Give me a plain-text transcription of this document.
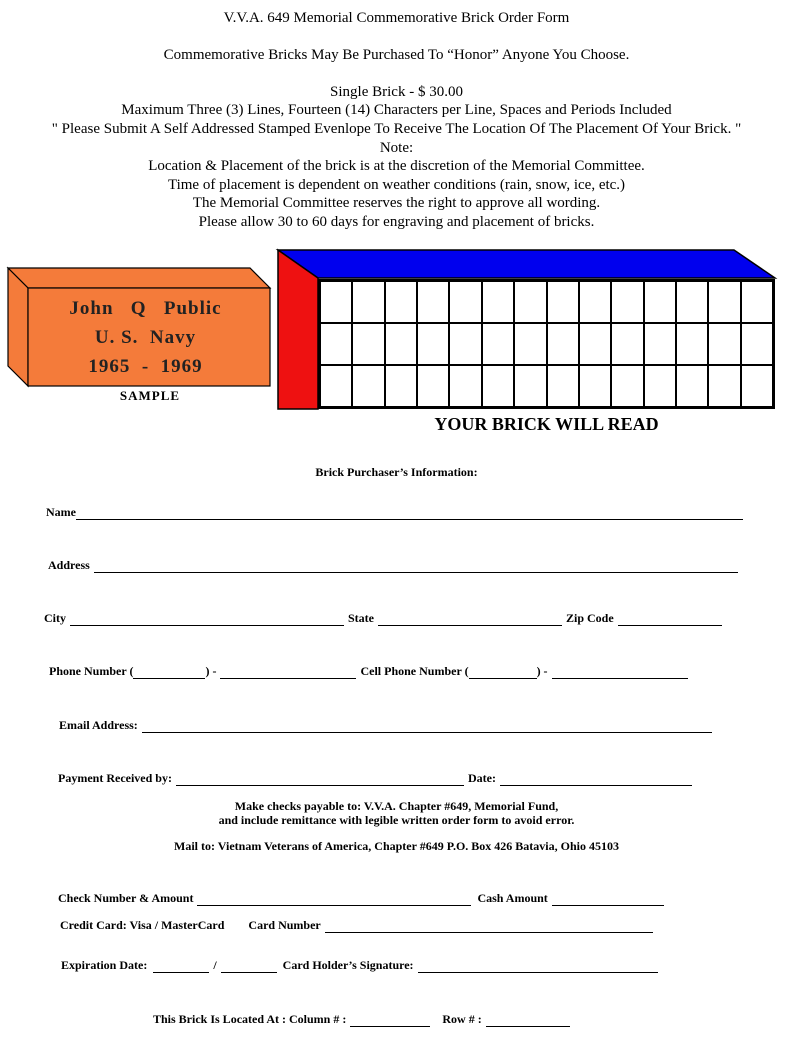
V.V.A. 649 Memorial Commemorative Brick Order Form
Commemorative Bricks May Be Purchased To “Honor” Anyone You Choose.
Single Brick - $ 30.00
Maximum Three (3) Lines, Fourteen (14) Characters per Line, Spaces and Periods Included
" Please Submit A Self Addressed Stamped Evenlope To Receive The Location Of The Placement Of Your Brick. "
Note:
Location & Placement of the brick is at the discretion of the Memorial Committee.
Time of placement is dependent on weather conditions (rain, snow, ice, etc.)
The Memorial Committee reserves the right to approve all wording.
Please allow 30 to 60 days for engraving and placement of bricks.
John   Q   Public
U. S.  Navy
1965  -  1969
SAMPLE
YOUR BRICK WILL READ
Brick Purchaser’s Information:
Name
Address
City	State	Zip Code
Phone Number (	) -	Cell Phone Number (	) -
Email Address:
Payment Received by:	Date:
Make checks payable to: V.V.A. Chapter #649, Memorial Fund,
and include remittance with legible written order form to avoid error.
Mail to: Vietnam Veterans of America, Chapter #649 P.O. Box 426 Batavia, Ohio 45103
Check Number & Amount	Cash Amount
Credit Card: Visa / MasterCard Card Number
Expiration Date:	/	Card Holder’s Signature:
This Brick Is Located At : Column # :	Row # :
